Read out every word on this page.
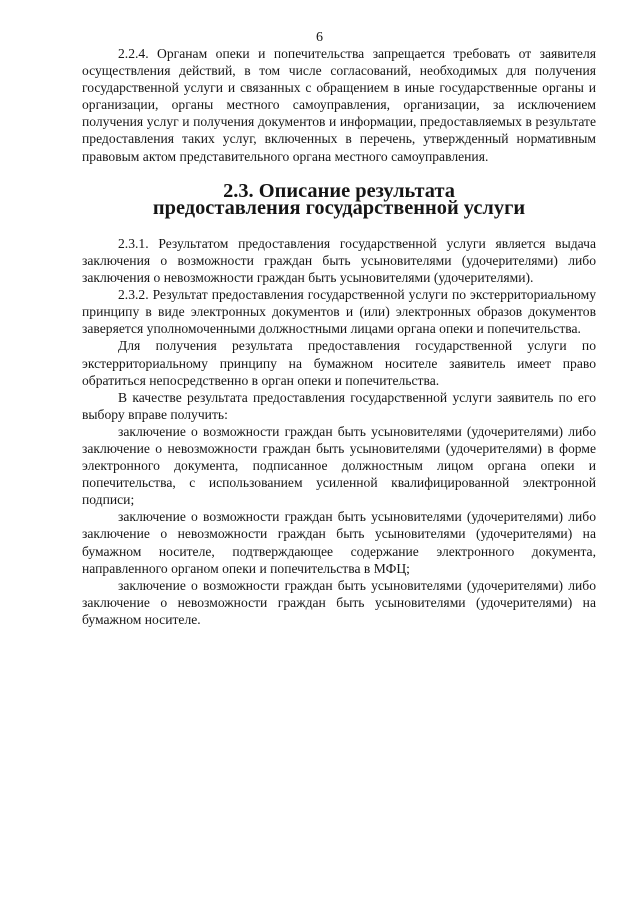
6

2.2.4. Органам опеки и попечительства запрещается требовать от заявителя осуществления действий, в том числе согласований, необходимых для получения государственной услуги и связанных с обращением в иные государственные органы и организации, органы местного самоуправления, организации, за исключением получения услуг и получения документов и информации, предоставляемых в результате предоставления таких услуг, включенных в перечень, утвержденный нормативным правовым актом представительного органа местного самоуправления.

2.3. Описание результата
предоставления государственной услуги

2.3.1. Результатом предоставления государственной услуги является выдача заключения о возможности граждан быть усыновителями (удочерителями) либо заключения о невозможности граждан быть усыновителями (удочерителями).

2.3.2. Результат предоставления государственной услуги по экстерриториальному принципу в виде электронных документов и (или) электронных образов документов заверяется уполномоченными должностными лицами органа опеки и попечительства.

Для получения результата предоставления государственной услуги по экстерриториальному принципу на бумажном носителе заявитель имеет право обратиться непосредственно в орган опеки и попечительства.

В качестве результата предоставления государственной услуги заявитель по его выбору вправе получить:

заключение о возможности граждан быть усыновителями (удочерителями) либо заключение о невозможности граждан быть усыновителями (удочерителями) в форме электронного документа, подписанное должностным лицом органа опеки и попечительства, с использованием усиленной квалифицированной электронной подписи;

заключение о возможности граждан быть усыновителями (удочерителями) либо заключение о невозможности граждан быть усыновителями (удочерителями) на бумажном носителе, подтверждающее содержание электронного документа, направленного органом опеки и попечительства в МФЦ;

заключение о возможности граждан быть усыновителями (удочерителями) либо заключение о невозможности граждан быть усыновителями (удочерителями) на бумажном носителе.
